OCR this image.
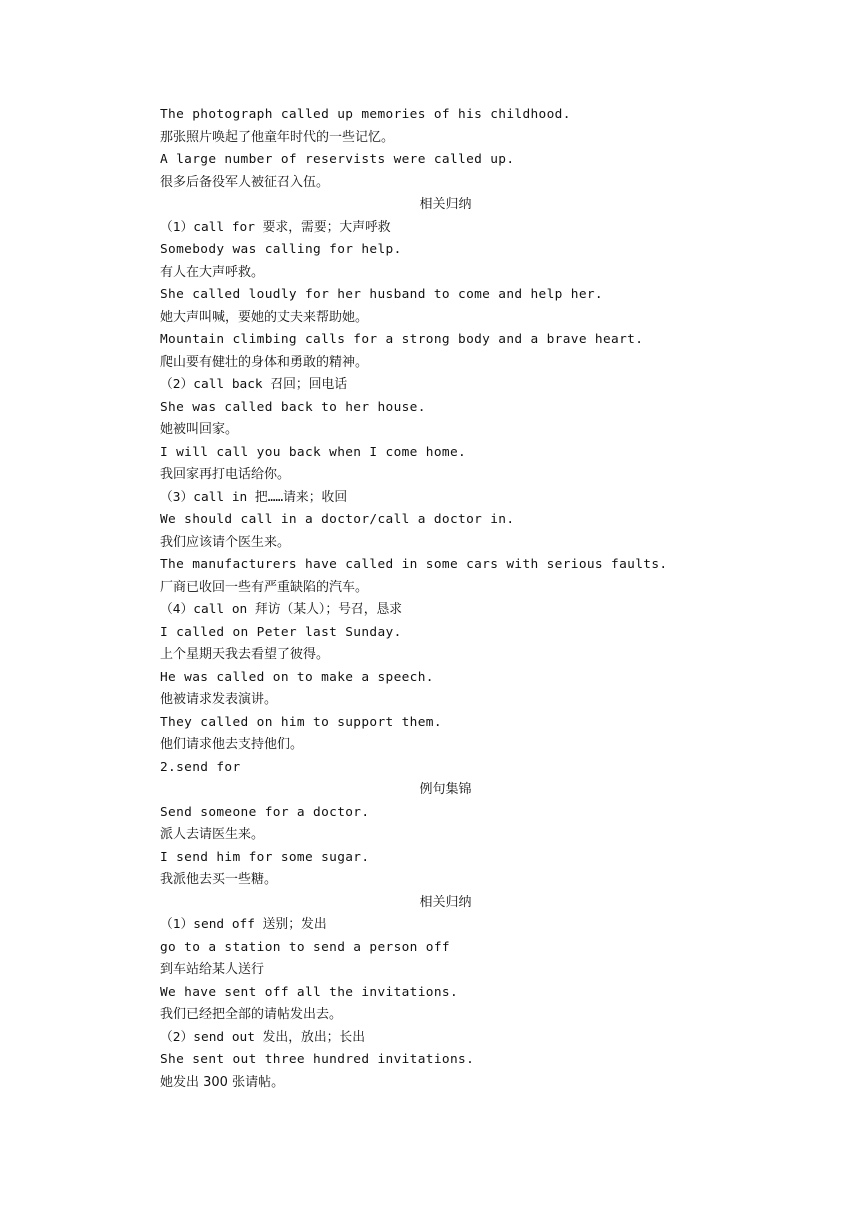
The photograph called up memories of his childhood.
那张照片唤起了他童年时代的一些记忆。
A large number of reservists were called up.
很多后备役军人被征召入伍。
相关归纳
（1）call for 要求，需要；大声呼救
Somebody was calling for help.
有人在大声呼救。
She called loudly for her husband to come and help her.
她大声叫喊，要她的丈夫来帮助她。
Mountain climbing calls for a strong body and a brave heart.
爬山要有健壮的身体和勇敢的精神。
（2）call back 召回；回电话
She was called back to her house.
她被叫回家。
I will call you back when I come home.
我回家再打电话给你。
（3）call in 把……请来；收回
We should call in a doctor/call a doctor in.
我们应该请个医生来。
The manufacturers have called in some cars with serious faults.
厂商已收回一些有严重缺陷的汽车。
（4）call on 拜访（某人）；号召，恳求
I called on Peter last Sunday.
上个星期天我去看望了彼得。
He was called on to make a speech.
他被请求发表演讲。
They called on him to support them.
他们请求他去支持他们。
2.send for
例句集锦
Send someone for a doctor.
派人去请医生来。
I send him for some sugar.
我派他去买一些糖。
相关归纳
（1）send off 送别；发出
go to a station to send a person off
到车站给某人送行
We have sent off all the invitations.
我们已经把全部的请帖发出去。
（2）send out 发出，放出；长出
She sent out three hundred invitations.
她发出 300 张请帖。
